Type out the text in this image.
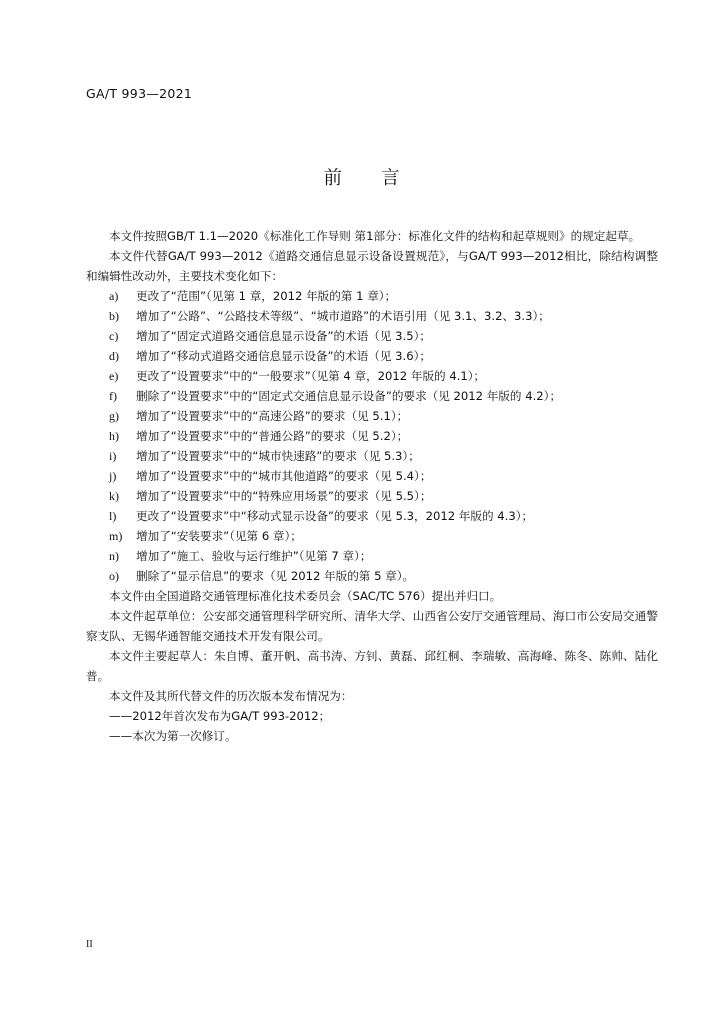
GA/T 993—2021
前 言
本文件按照GB/T 1.1—2020《标准化工作导则 第1部分：标准化文件的结构和起草规则》的规定起草。
本文件代替GA/T 993—2012《道路交通信息显示设备设置规范》，与GA/T 993—2012相比，除结构调整和编辑性改动外，主要技术变化如下：
a)	更改了“范围”（见第 1 章，2012 年版的第 1 章）；
b)	增加了“公路”、“公路技术等级”、“城市道路”的术语引用（见 3.1、3.2、3.3）；
c)	增加了“固定式道路交通信息显示设备”的术语（见 3.5）；
d)	增加了“移动式道路交通信息显示设备”的术语（见 3.6）；
e)	更改了“设置要求”中的“一般要求”（见第 4 章，2012 年版的 4.1）；
f)	删除了“设置要求”中的“固定式交通信息显示设备”的要求（见 2012 年版的 4.2）；
g)	增加了“设置要求”中的“高速公路”的要求（见 5.1）；
h)	增加了“设置要求”中的“普通公路”的要求（见 5.2）；
i)	增加了“设置要求”中的“城市快速路”的要求（见 5.3）；
j)	增加了“设置要求”中的“城市其他道路”的要求（见 5.4）；
k)	增加了“设置要求”中的“特殊应用场景”的要求（见 5.5）；
l)	更改了“设置要求”中“移动式显示设备”的要求（见 5.3，2012 年版的 4.3）；
m)	增加了“安装要求”（见第 6 章）；
n)	增加了“施工、验收与运行维护”（见第 7 章）；
o)	删除了“显示信息”的要求（见 2012 年版的第 5 章）。
本文件由全国道路交通管理标准化技术委员会（SAC/TC 576）提出并归口。
本文件起草单位：公安部交通管理科学研究所、清华大学、山西省公安厅交通管理局、海口市公安局交通警察支队、无锡华通智能交通技术开发有限公司。
本文件主要起草人：朱自博、董开帆、高书涛、方钊、黄磊、邱红桐、李瑞敏、高海峰、陈冬、陈帅、陆化普。
本文件及其所代替文件的历次版本发布情况为：
——2012年首次发布为GA/T 993-2012；
——本次为第一次修订。
II
